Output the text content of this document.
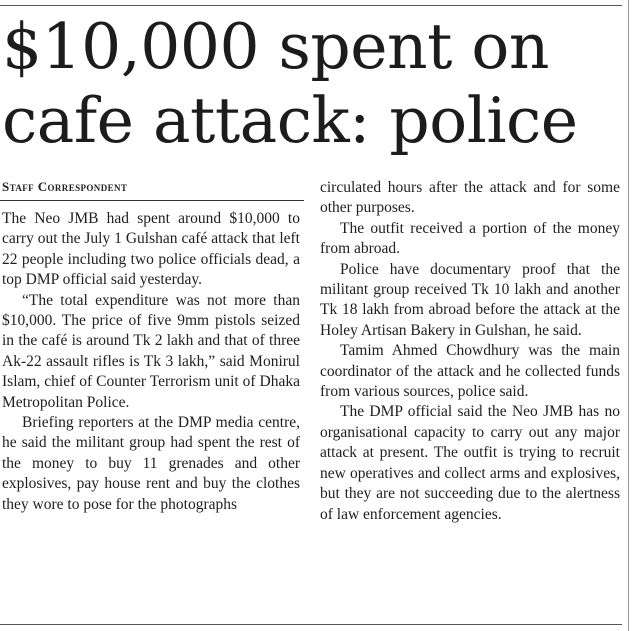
$10,000 spent on
cafe attack: police
Staff Correspondent

The Neo JMB had spent around $10,000 to carry out the July 1 Gulshan café attack that left 22 people including two police officials dead, a top DMP official said yesterday.

“The total expenditure was not more than $10,000. The price of five 9mm pistols seized in the café is around Tk 2 lakh and that of three Ak-22 assault rifles is Tk 3 lakh,” said Monirul Islam, chief of Counter Terrorism unit of Dhaka Metropolitan Police.

Briefing reporters at the DMP media centre, he said the militant group had spent the rest of the money to buy 11 grenades and other explosives, pay house rent and buy the clothes they wore to pose for the photographs

circulated hours after the attack and for some other purposes.

The outfit received a portion of the money from abroad.

Police have documentary proof that the militant group received Tk 10 lakh and another Tk 18 lakh from abroad before the attack at the Holey Artisan Bakery in Gulshan, he said.

Tamim Ahmed Chowdhury was the main coordinator of the attack and he collected funds from various sources, police said.

The DMP official said the Neo JMB has no organisational capacity to carry out any major attack at present. The outfit is trying to recruit new operatives and collect arms and explosives, but they are not succeeding due to the alertness of law enforcement agencies.
